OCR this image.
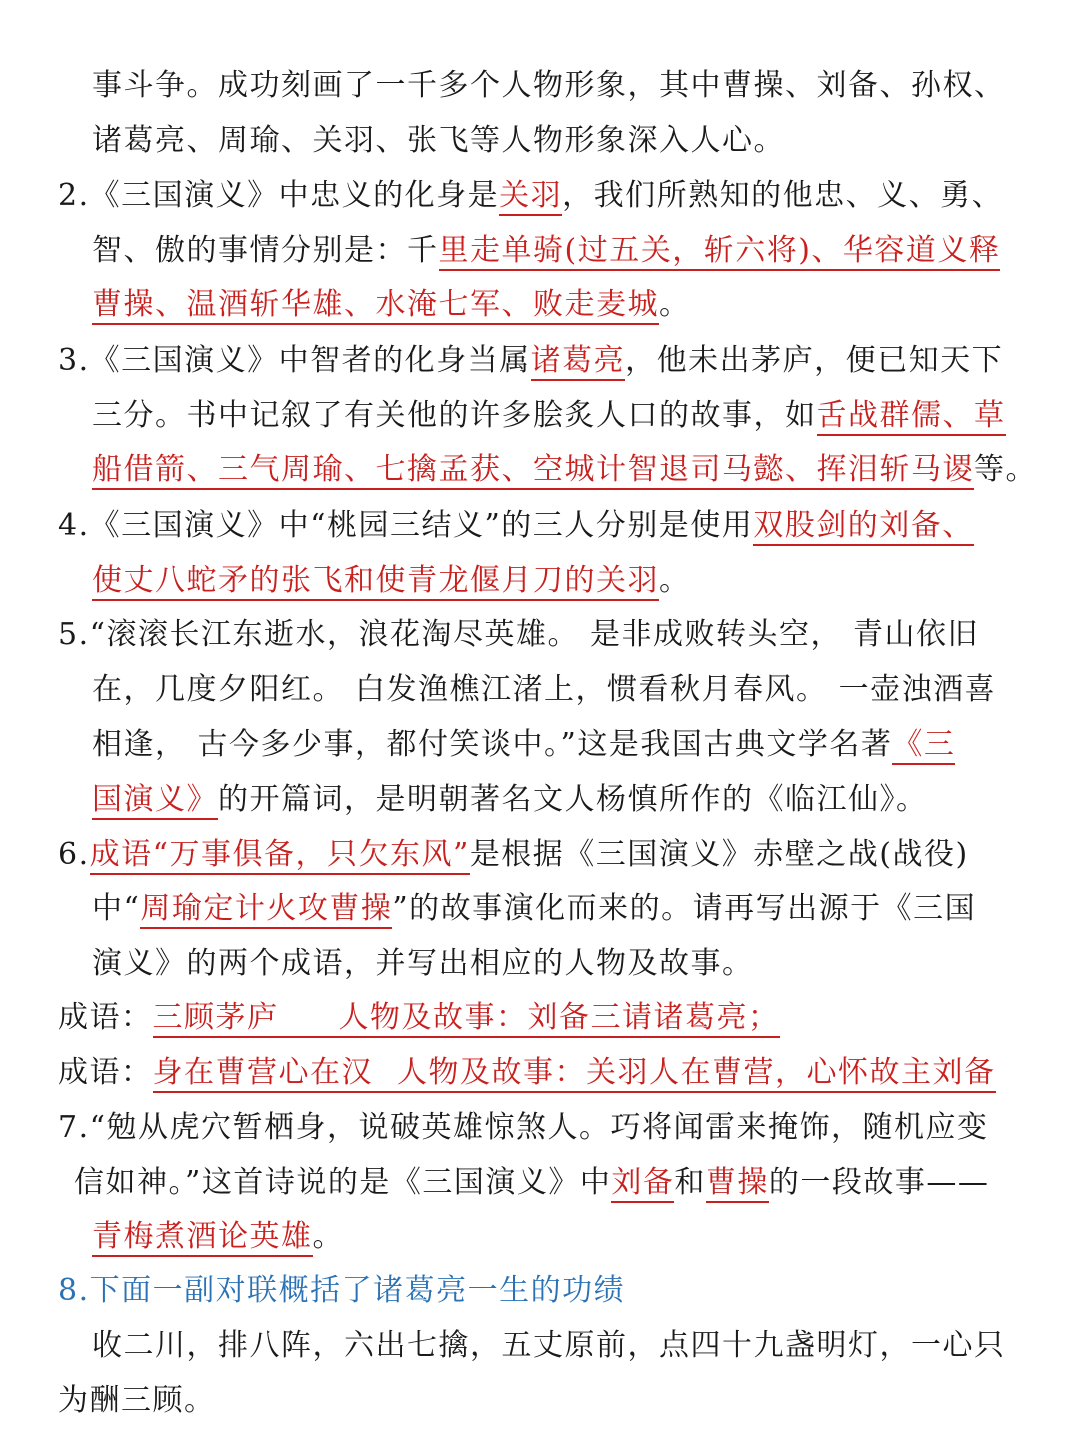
事斗争。成功刻画了一千多个人物形象，其中曹操、刘备、孙权、
诸葛亮、周瑜、关羽、张飞等人物形象深入人心。
2.《三国演义》中忠义的化身是关羽，我们所熟知的他忠、义、勇、
智、傲的事情分别是：千里走单骑(过五关，斩六将)、华容道义释
曹操、温酒斩华雄、水淹七军、败走麦城。
3.《三国演义》中智者的化身当属诸葛亮，他未出茅庐，便已知天下
三分。书中记叙了有关他的许多脍炙人口的故事，如舌战群儒、草
船借箭、三气周瑜、七擒孟获、空城计智退司马懿、挥泪斩马谡等。
4.《三国演义》中“桃园三结义”的三人分别是使用双股剑的刘备、
使丈八蛇矛的张飞和使青龙偃月刀的关羽。
5.“滚滚长江东逝水，浪花淘尽英雄。 是非成败转头空， 青山依旧
在，几度夕阳红。 白发渔樵江渚上，惯看秋月春风。 一壶浊酒喜
相逢， 古今多少事，都付笑谈中。”这是我国古典文学名著《三
国演义》的开篇词，是明朝著名文人杨慎所作的《临江仙》。
6.成语“万事俱备，只欠东风”是根据《三国演义》赤壁之战(战役)
中“周瑜定计火攻曹操”的故事演化而来的。请再写出源于《三国
演义》的两个成语，并写出相应的人物及故事。
成语：三顾茅庐 人物及故事：刘备三请诸葛亮；
成语：身在曹营心在汉 人物及故事：关羽人在曹营，心怀故主刘备
7.“勉从虎穴暂栖身，说破英雄惊煞人。巧将闻雷来掩饰，随机应变
信如神。”这首诗说的是《三国演义》中刘备和曹操的一段故事——
青梅煮酒论英雄。
8.下面一副对联概括了诸葛亮一生的功绩
收二川，排八阵，六出七擒，五丈原前，点四十九盏明灯，一心只
为酬三顾。
